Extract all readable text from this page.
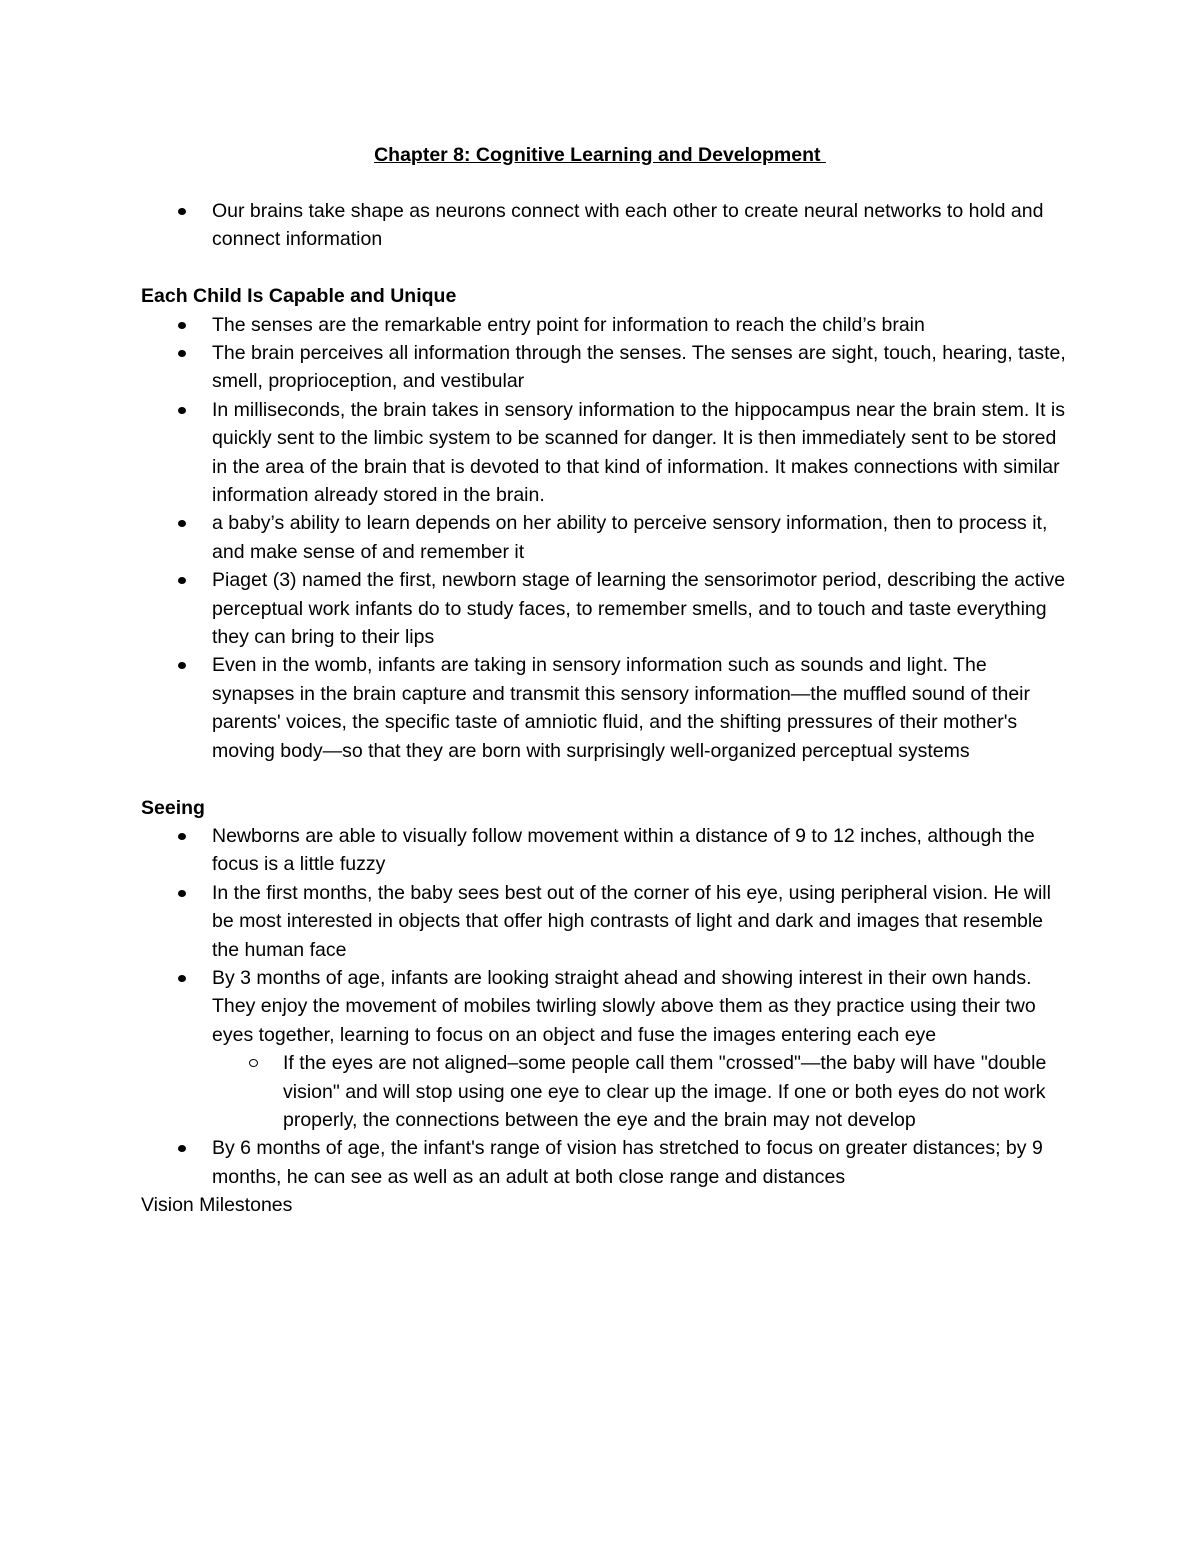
Chapter 8: Cognitive Learning and Development
Our brains take shape as neurons connect with each other to create neural networks to hold and connect information

Each Child Is Capable and Unique

The senses are the remarkable entry point for information to reach the child’s brain
The brain perceives all information through the senses. The senses are sight, touch, hearing, taste, smell, proprioception, and vestibular
In milliseconds, the brain takes in sensory information to the hippocampus near the brain stem. It is quickly sent to the limbic system to be scanned for danger. It is then immediately sent to be stored in the area of the brain that is devoted to that kind of information. It makes connections with similar information already stored in the brain.
a baby’s ability to learn depends on her ability to perceive sensory information, then to process it, and make sense of and remember it
Piaget (3) named the first, newborn stage of learning the sensorimotor period, describing the active perceptual work infants do to study faces, to remember smells, and to touch and taste everything they can bring to their lips
Even in the womb, infants are taking in sensory information such as sounds and light. The synapses in the brain capture and transmit this sensory information—the muffled sound of their parents' voices, the specific taste of amniotic fluid, and the shifting pressures of their mother's moving body—so that they are born with surprisingly well-organized perceptual systems

Seeing

Newborns are able to visually follow movement within a distance of 9 to 12 inches, although the focus is a little fuzzy
In the first months, the baby sees best out of the corner of his eye, using peripheral vision. He will be most interested in objects that offer high contrasts of light and dark and images that resemble the human face
By 3 months of age, infants are looking straight ahead and showing interest in their own hands. They enjoy the movement of mobiles twirling slowly above them as they practice using their two eyes together, learning to focus on an object and fuse the images entering each eye
If the eyes are not aligned–some people call them "crossed"—the baby will have "double vision" and will stop using one eye to clear up the image. If one or both eyes do not work properly, the connections between the eye and the brain may not develop
By 6 months of age, the infant's range of vision has stretched to focus on greater distances; by 9 months, he can see as well as an adult at both close range and distances

Vision Milestones
